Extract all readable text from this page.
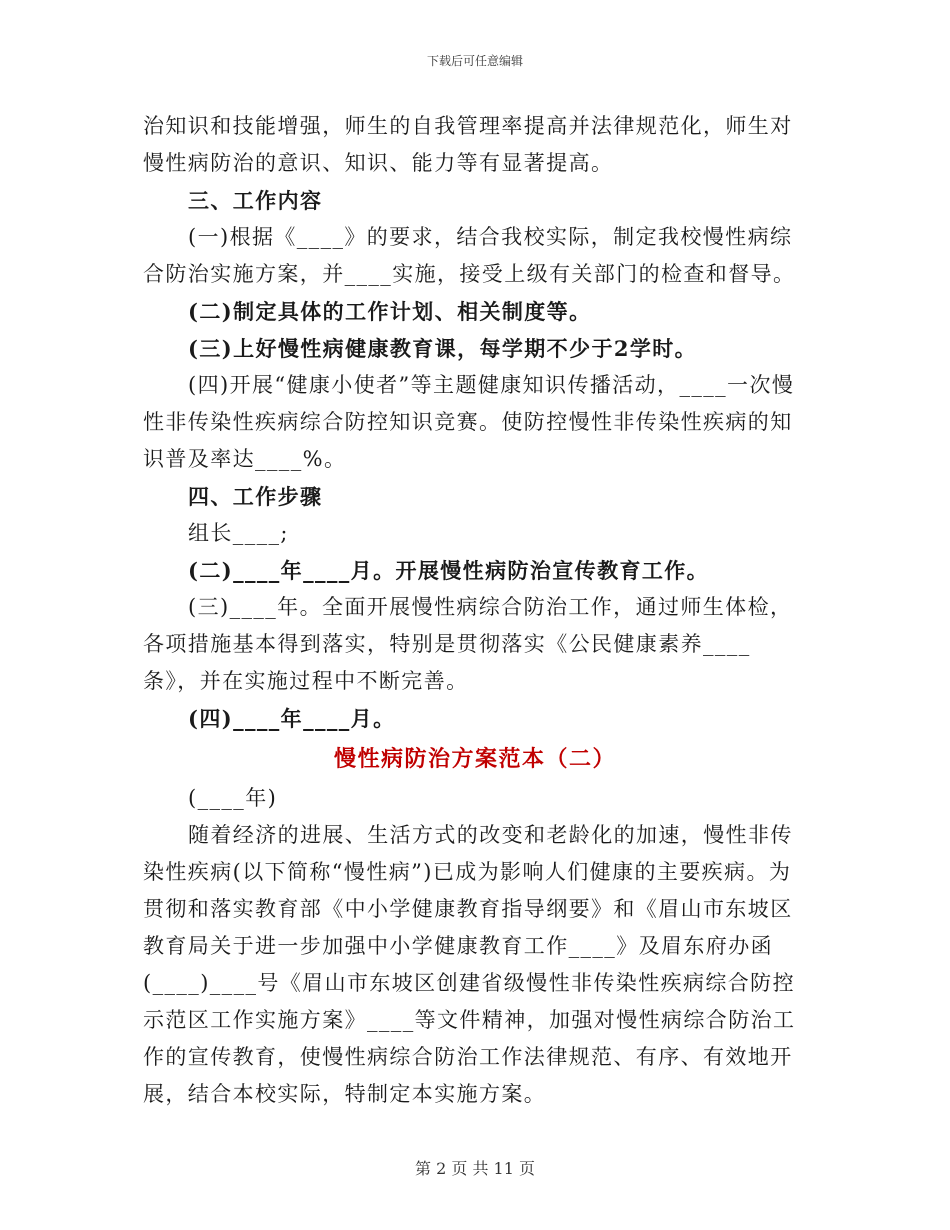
下载后可任意编辑

治知识和技能增强，师生的自我管理率提高并法律规范化，师生对慢性病防治的意识、知识、能力等有显著提高。

三、工作内容

(一)根据《____》的要求，结合我校实际，制定我校慢性病综合防治实施方案，并____实施，接受上级有关部门的检查和督导。

(二)制定具体的工作计划、相关制度等。

(三)上好慢性病健康教育课，每学期不少于2学时。

(四)开展“健康小使者”等主题健康知识传播活动，____一次慢性非传染性疾病综合防控知识竞赛。使防控慢性非传染性疾病的知识普及率达____%。

四、工作步骤

组长____;

(二)____年____月。开展慢性病防治宣传教育工作。

(三)____年。全面开展慢性病综合防治工作，通过师生体检，各项措施基本得到落实，特别是贯彻落实《公民健康素养____条》，并在实施过程中不断完善。

(四)____年____月。

慢性病防治方案范本（二）

(____年)

随着经济的进展、生活方式的改变和老龄化的加速，慢性非传染性疾病(以下简称“慢性病”)已成为影响人们健康的主要疾病。为贯彻和落实教育部《中小学健康教育指导纲要》和《眉山市东坡区教育局关于进一步加强中小学健康教育工作____》及眉东府办函(____)____号《眉山市东坡区创建省级慢性非传染性疾病综合防控示范区工作实施方案》____等文件精神，加强对慢性病综合防治工作的宣传教育，使慢性病综合防治工作法律规范、有序、有效地开展，结合本校实际，特制定本实施方案。

第 2 页 共 11 页
